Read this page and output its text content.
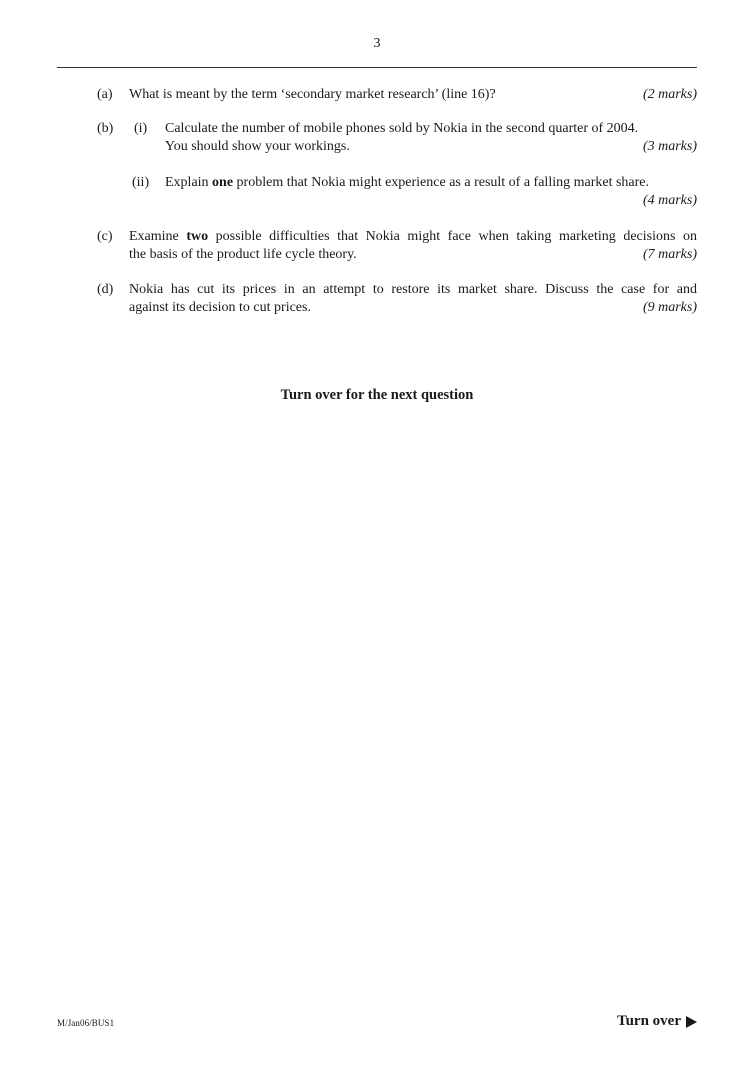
3
(a) What is meant by the term ‘secondary market research’ (line 16)?	(2 marks)
(b) (i) Calculate the number of mobile phones sold by Nokia in the second quarter of 2004.
You should show your workings.	(3 marks)
(ii) Explain one problem that Nokia might experience as a result of a falling market share.
(4 marks)
(c) Examine two possible difficulties that Nokia might face when taking marketing decisions on
the basis of the product life cycle theory.	(7 marks)
(d) Nokia has cut its prices in an attempt to restore its market share. Discuss the case for and
against its decision to cut prices.	(9 marks)
Turn over for the next question
M/Jan06/BUS1	Turn over
